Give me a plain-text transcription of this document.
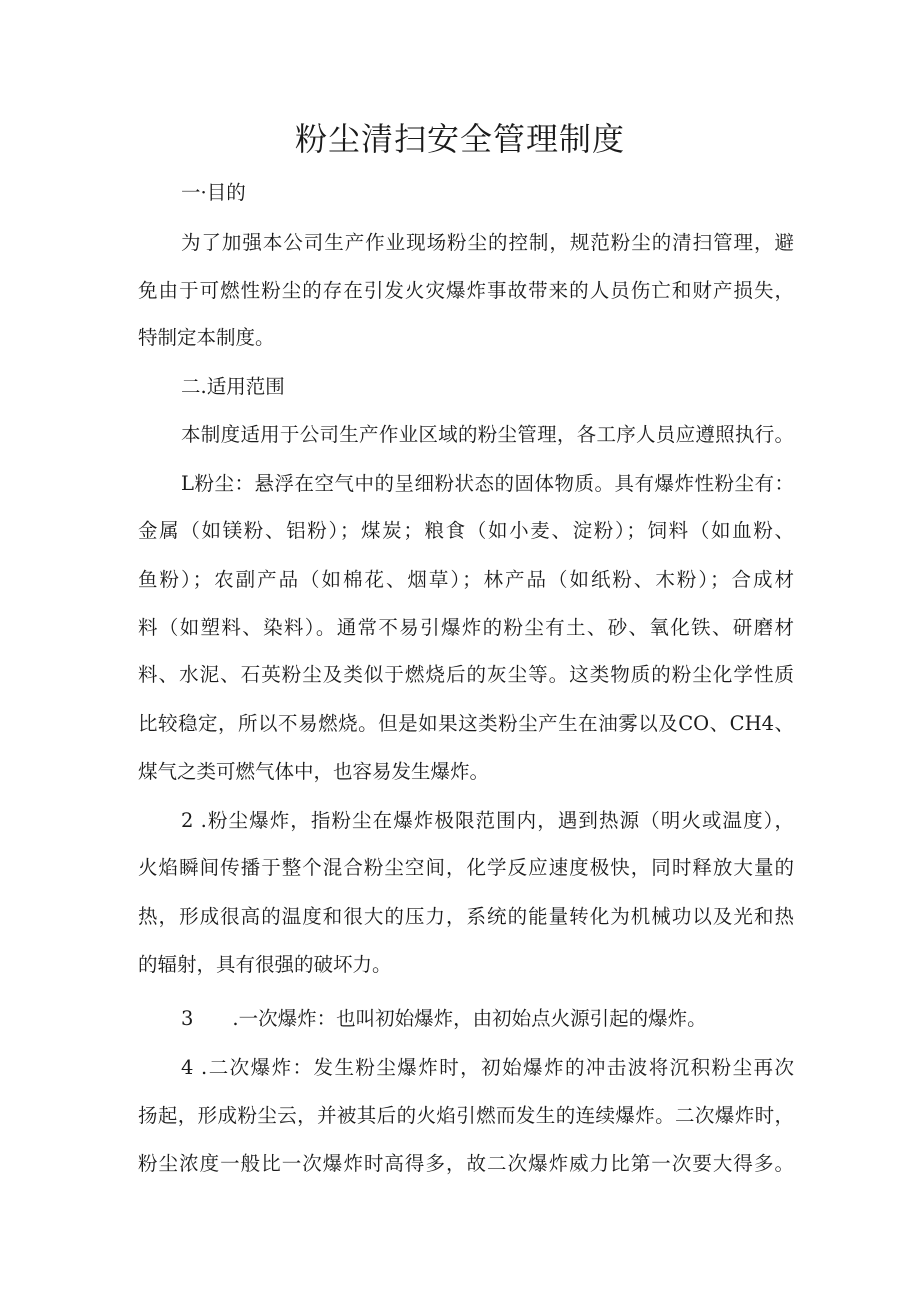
粉尘清扫安全管理制度

一·目的

为了加强本公司生产作业现场粉尘的控制，规范粉尘的清扫管理，避

免由于可燃性粉尘的存在引发火灾爆炸事故带来的人员伤亡和财产损失，

特制定本制度。

二.适用范围

本制度适用于公司生产作业区域的粉尘管理，各工序人员应遵照执行。

L粉尘：悬浮在空气中的呈细粉状态的固体物质。具有爆炸性粉尘有：

金属（如镁粉、铝粉）；煤炭；粮食（如小麦、淀粉）；饲料（如血粉、

鱼粉）；农副产品（如棉花、烟草）；林产品（如纸粉、木粉）；合成材

料（如塑料、染料）。通常不易引爆炸的粉尘有土、砂、氧化铁、研磨材

料、水泥、石英粉尘及类似于燃烧后的灰尘等。这类物质的粉尘化学性质

比较稳定，所以不易燃烧。但是如果这类粉尘产生在油雾以及CO、CH4、

煤气之类可燃气体中，也容易发生爆炸。

2 .粉尘爆炸，指粉尘在爆炸极限范围内，遇到热源（明火或温度），

火焰瞬间传播于整个混合粉尘空间，化学反应速度极快，同时释放大量的

热，形成很高的温度和很大的压力，系统的能量转化为机械功以及光和热

的辐射，具有很强的破坏力。

3　　.一次爆炸：也叫初始爆炸，由初始点火源引起的爆炸。

4 .二次爆炸：发生粉尘爆炸时，初始爆炸的冲击波将沉积粉尘再次

扬起，形成粉尘云，并被其后的火焰引燃而发生的连续爆炸。二次爆炸时，

粉尘浓度一般比一次爆炸时高得多，故二次爆炸威力比第一次要大得多。
